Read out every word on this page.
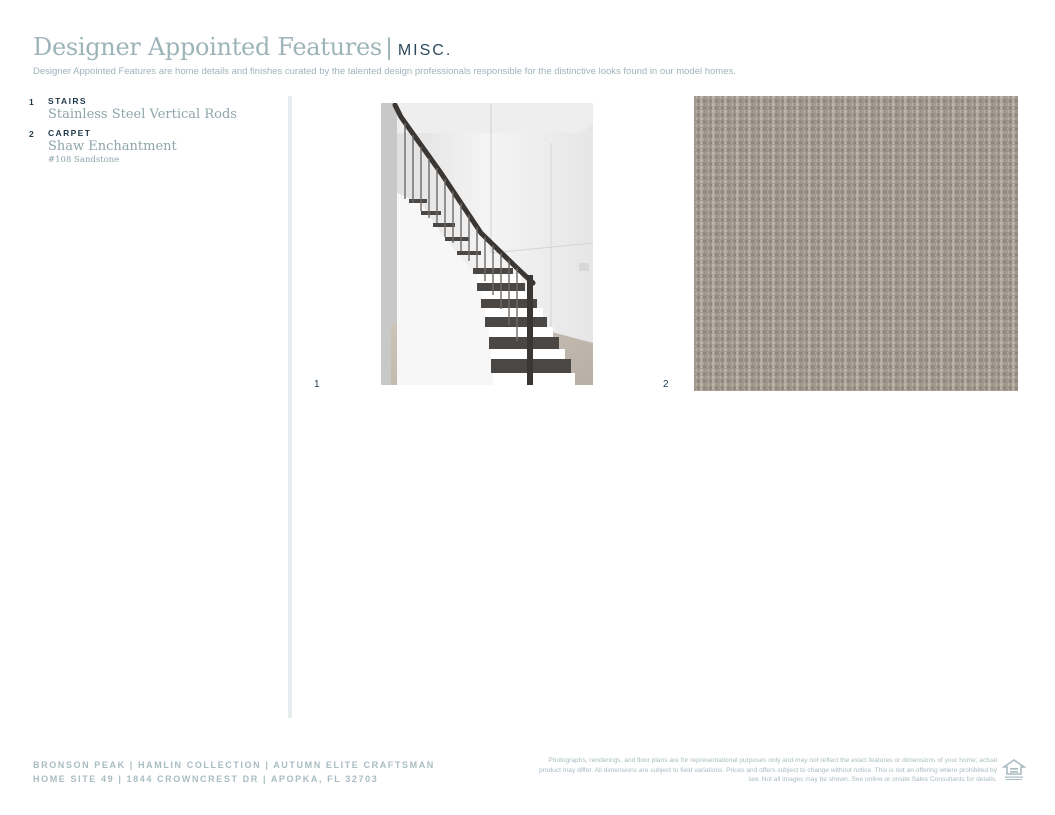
Designer Appointed Features | MISC.

Designer Appointed Features are home details and finishes curated by the talented design professionals responsible for the distinctive looks found in our model homes.

1 STAIRS
Stainless Steel Vertical Rods
2 CARPET
Shaw Enchantment
#108 Sandstone
1	2
BRONSON PEAK | HAMLIN COLLECTION | AUTUMN ELITE CRAFTSMAN
HOME SITE 49 | 1844 CROWNCREST DR | APOPKA, FL 32703
Photographs, renderings, and floor plans are for representational purposes only and may not reflect the exact features or dimensions of your home; actual product may differ. All dimensions are subject to field variations. Prices and offers subject to change without notice. This is not an offering where prohibited by law. Not all images may be shown. See online or onsite Sales Consultants for details.
